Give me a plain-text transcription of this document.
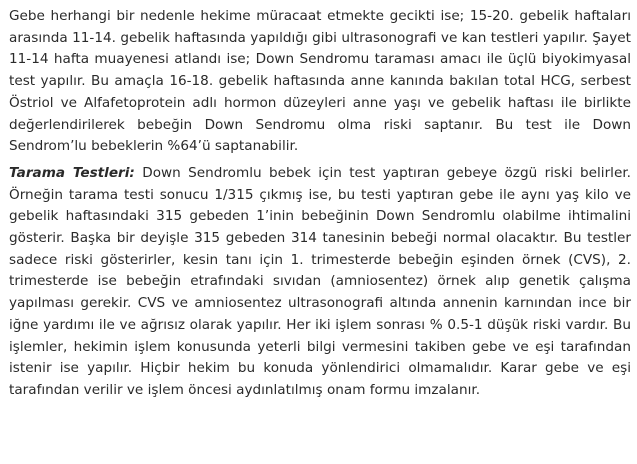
Gebe herhangi bir nedenle hekime müracaat etmekte gecikti ise; 15-20. gebelik haftaları arasında 11-14. gebelik haftasında yapıldığı gibi ultrasonografi ve kan testleri yapılır. Şayet 11-14 hafta muayenesi atlandı ise; Down Sendromu taraması amacı ile üçlü biyokimyasal test yapılır. Bu amaçla 16-18. gebelik haftasında anne kanında bakılan total HCG, serbest Östriol ve Alfafetoprotein adlı hormon düzeyleri anne yaşı ve gebelik haftası ile birlikte değerlendirilerek bebeğin Down Sendromu olma riski saptanır. Bu test ile Down Sendrom’lu bebeklerin %64’ü saptanabilir.

Tarama Testleri: Down Sendromlu bebek için test yaptıran gebeye özgü riski belirler. Örneğin tarama testi sonucu 1/315 çıkmış ise, bu testi yaptıran gebe ile aynı yaş kilo ve gebelik haftasındaki 315 gebeden 1’inin bebeğinin Down Sendromlu olabilme ihtimalini gösterir. Başka bir deyişle 315 gebeden 314 tanesinin bebeği normal olacaktır. Bu testler sadece riski gösterirler, kesin tanı için 1. trimesterde bebeğin eşinden örnek (CVS), 2. trimesterde ise bebeğin etrafındaki sıvıdan (amniosentez) örnek alıp genetik çalışma yapılması gerekir. CVS ve amniosentez ultrasonografi altında annenin karnından ince bir iğne yardımı ile ve ağrısız olarak yapılır. Her iki işlem sonrası % 0.5-1 düşük riski vardır. Bu işlemler, hekimin işlem konusunda yeterli bilgi vermesini takiben gebe ve eşi tarafından istenir ise yapılır. Hiçbir hekim bu konuda yönlendirici olmamalıdır. Karar gebe ve eşi tarafından verilir ve işlem öncesi aydınlatılmış onam formu imzalanır.
